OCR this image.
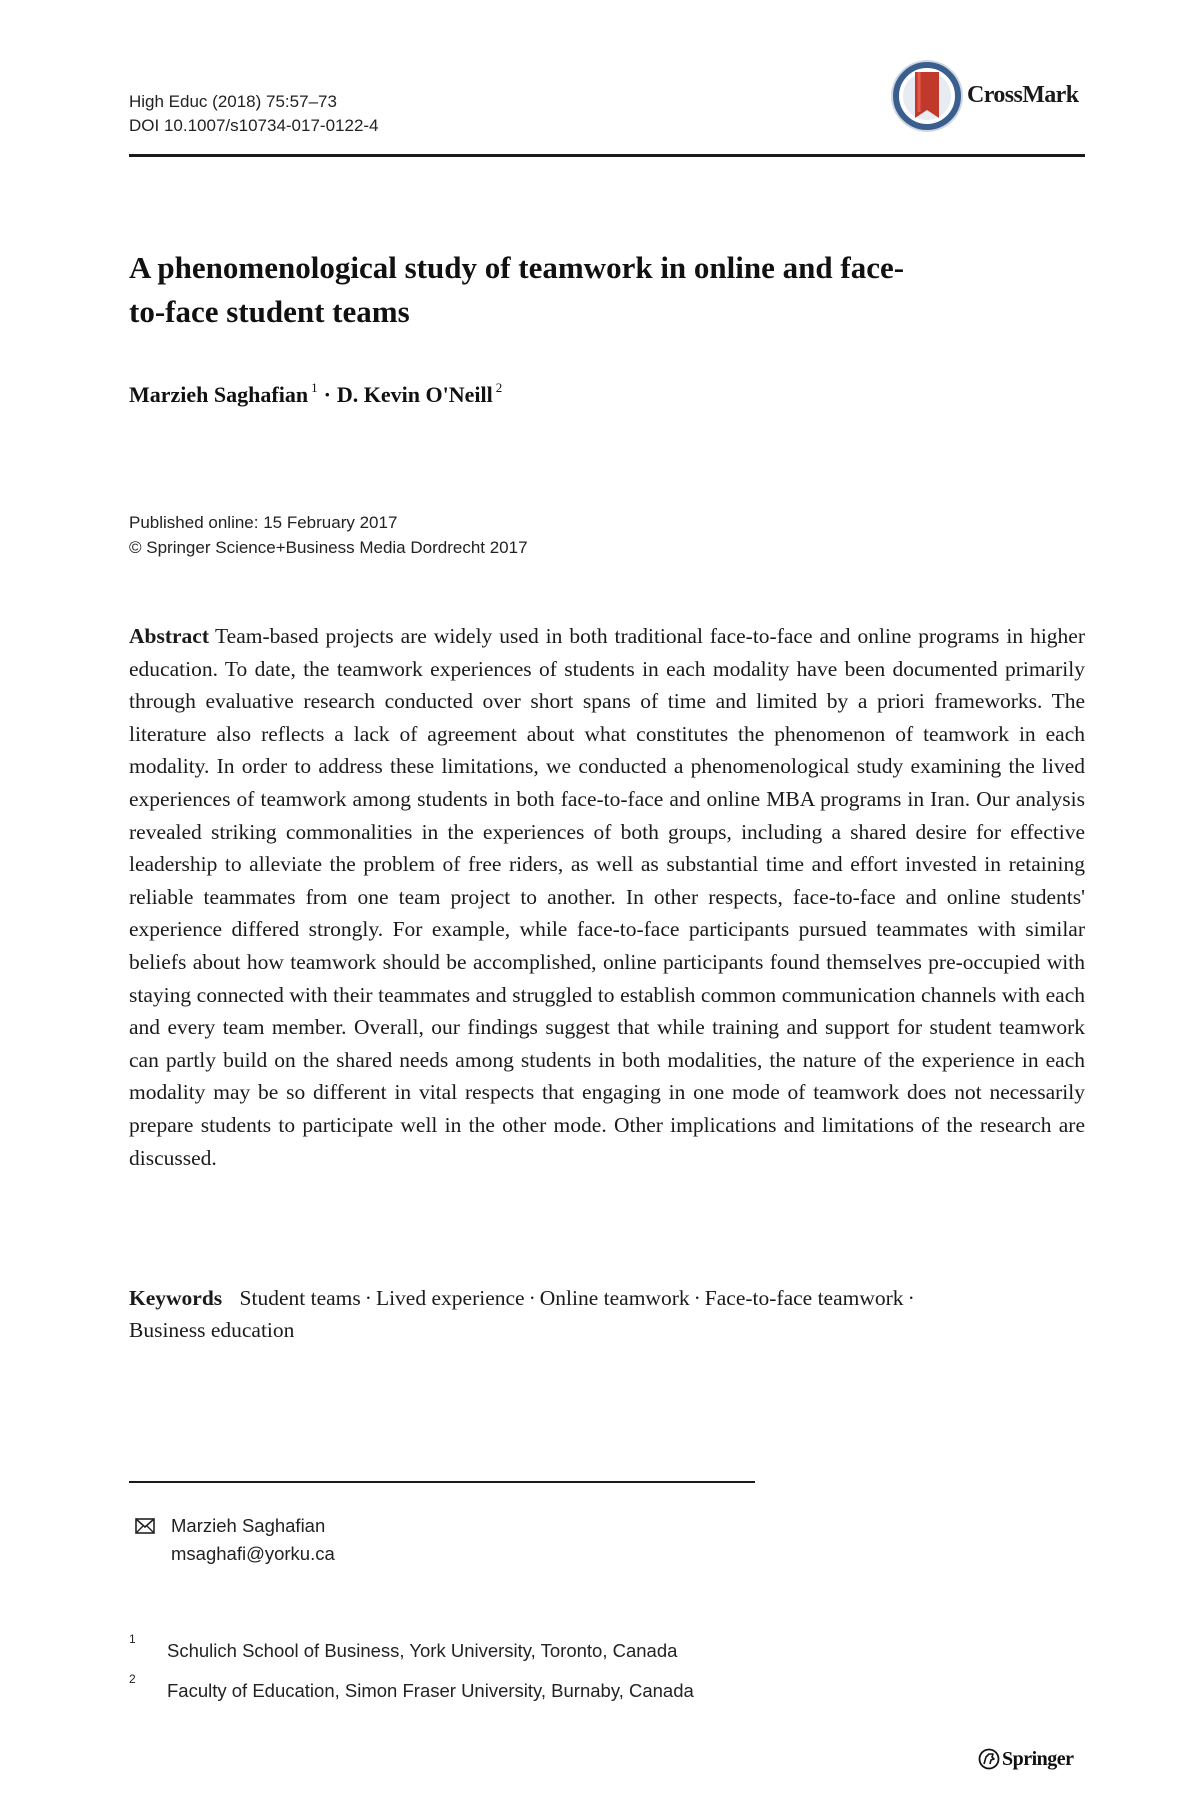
High Educ (2018) 75:57–73
DOI 10.1007/s10734-017-0122-4
CrossMark
A phenomenological study of teamwork in online and face-to-face student teams
Marzieh Saghafian $^1$ · D. Kevin O'Neill $^2$
Published online: 15 February 2017
© Springer Science+Business Media Dordrecht 2017

Abstract Team-based projects are widely used in both traditional face-to-face and online programs in higher education. To date, the teamwork experiences of students in each modality have been documented primarily through evaluative research conducted over short spans of time and limited by a priori frameworks. The literature also reflects a lack of agreement about what constitutes the phenomenon of teamwork in each modality. In order to address these limitations, we conducted a phenomenological study examining the lived experiences of teamwork among students in both face-to-face and online MBA programs in Iran. Our analysis revealed striking commonalities in the experiences of both groups, including a shared desire for effective leadership to alleviate the problem of free riders, as well as substantial time and effort invested in retaining reliable teammates from one team project to another. In other respects, face-to-face and online students' experience differed strongly. For example, while face-to-face participants pursued teammates with similar beliefs about how teamwork should be accomplished, online participants found themselves pre-occupied with staying connected with their teammates and struggled to establish common communication channels with each and every team member. Overall, our findings suggest that while training and support for student teamwork can partly build on the shared needs among students in both modalities, the nature of the experience in each modality may be so different in vital respects that engaging in one mode of teamwork does not necessarily prepare students to participate well in the other mode. Other implications and limitations of the research are discussed.

Keywords Student teams · Lived experience · Online teamwork · Face-to-face teamwork ·
Business education
Marzieh Saghafian
msaghafi@yorku.ca
1
Schulich School of Business, York University, Toronto, Canada
2
Faculty of Education, Simon Fraser University, Burnaby, Canada
Springer
